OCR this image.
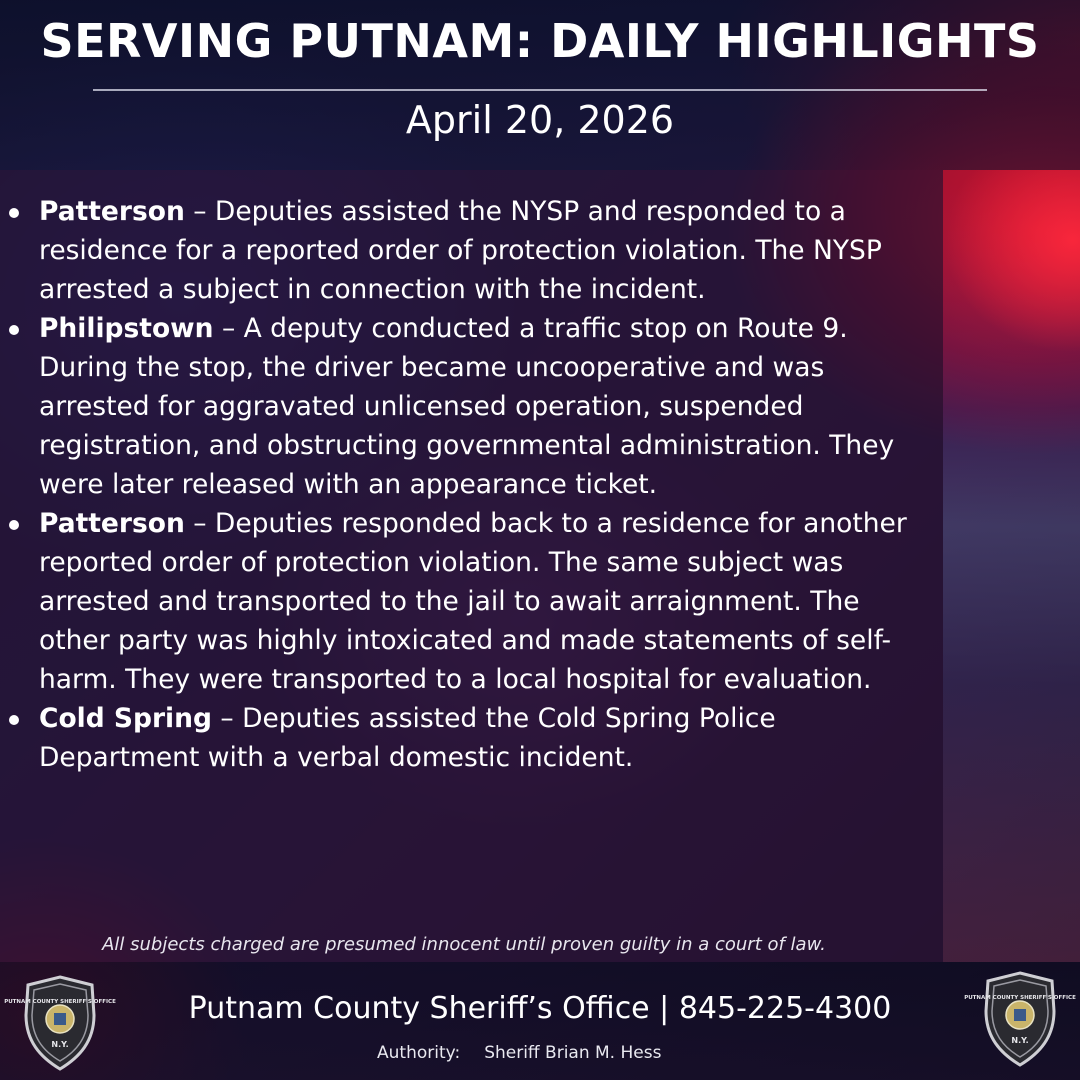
SERVING PUTNAM: DAILY HIGHLIGHTS
April 20, 2026
Patterson – Deputies assisted the NYSP and responded to a residence for a reported order of protection violation. The NYSP arrested a subject in connection with the incident.
Philipstown – A deputy conducted a traffic stop on Route 9. During the stop, the driver became uncooperative and was arrested for aggravated unlicensed operation, suspended registration, and obstructing governmental administration. They were later released with an appearance ticket.
Patterson – Deputies responded back to a residence for another reported order of protection violation. The same subject was arrested and transported to the jail to await arraignment. The other party was highly intoxicated and made statements of self-harm. They were transported to a local hospital for evaluation.
Cold Spring – Deputies assisted the Cold Spring Police Department with a verbal domestic incident.
All subjects charged are presumed innocent until proven guilty in a court of law.
PUTNAM COUNTY SHERIFF'S OFFICE
N.Y.
PUTNAM COUNTY SHERIFF'S OFFICE
N.Y.
Putnam County Sheriff’s Office | 845-225-4300
Authority: Sheriff Brian M. Hess
